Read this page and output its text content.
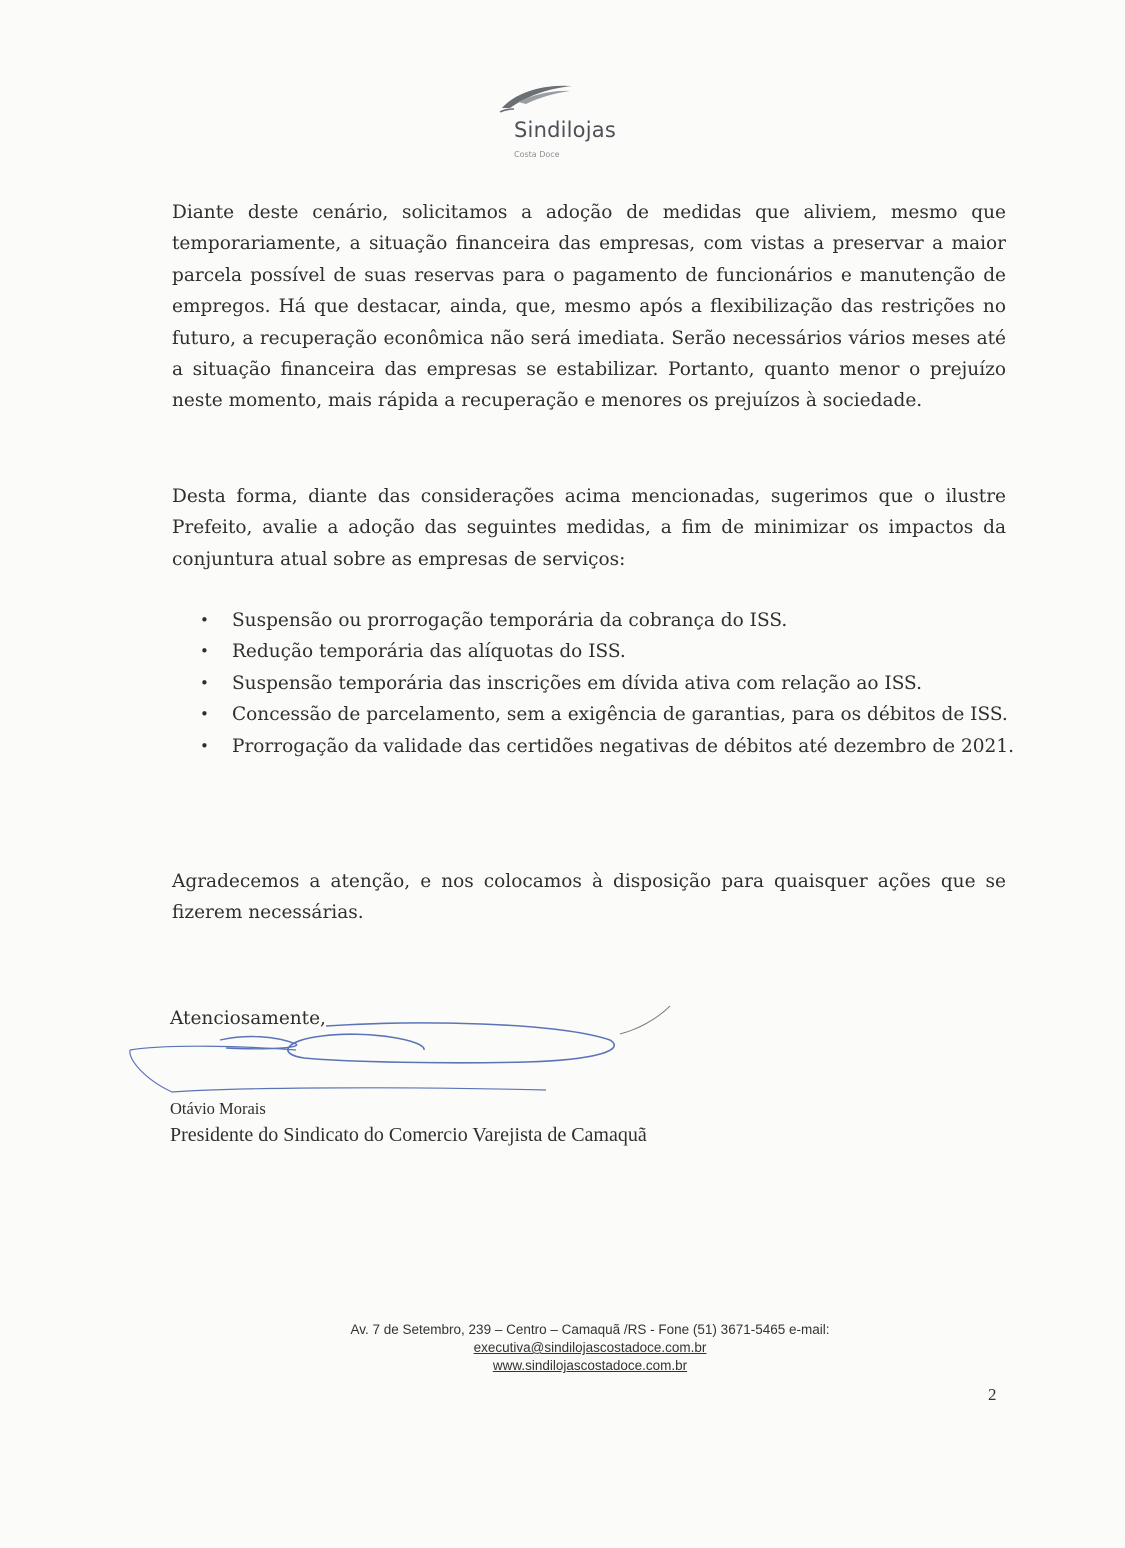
Sindilojas
Costa Doce

Diante deste cenário, solicitamos a adoção de medidas que aliviem, mesmo que temporariamente, a situação financeira das empresas, com vistas a preservar a maior parcela possível de suas reservas para o pagamento de funcionários e manutenção de empregos. Há que destacar, ainda, que, mesmo após a flexibilização das restrições no futuro, a recuperação econômica não será imediata. Serão necessários vários meses até a situação financeira das empresas se estabilizar. Portanto, quanto menor o prejuízo neste momento, mais rápida a recuperação e menores os prejuízos à sociedade.

Desta forma, diante das considerações acima mencionadas, sugerimos que o ilustre Prefeito, avalie a adoção das seguintes medidas, a fim de minimizar os impactos da conjuntura atual sobre as empresas de serviços:

• Suspensão ou prorrogação temporária da cobrança do ISS.
• Redução temporária das alíquotas do ISS.
• Suspensão temporária das inscrições em dívida ativa com relação ao ISS.
• Concessão de parcelamento, sem a exigência de garantias, para os débitos de ISS.
• Prorrogação da validade das certidões negativas de débitos até dezembro de 2021.

Agradecemos a atenção, e nos colocamos à disposição para quaisquer ações que se fizerem necessárias.

Atenciosamente,

Otávio Morais
Presidente do Sindicato do Comercio Varejista de Camaquã
Av. 7 de Setembro, 239 – Centro – Camaquã /RS - Fone (51) 3671-5465 e-mail:
executiva@sindilojascostadoce.com.br
www.sindilojascostadoce.com.br
2
